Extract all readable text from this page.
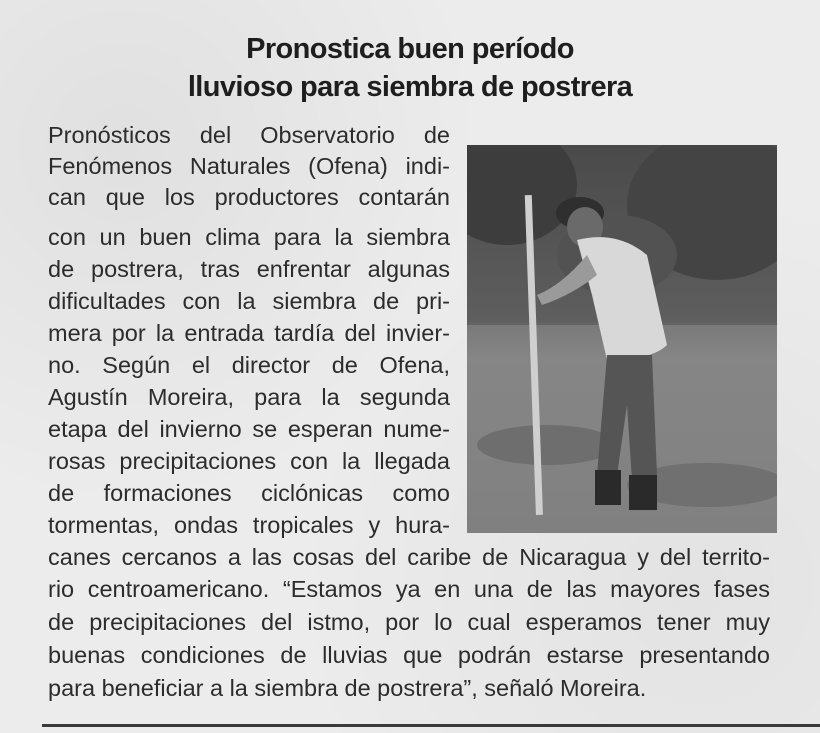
Pronostica buen período
lluvioso para siembra de postrera
Pronósticos del Observatorio de
Fenómenos Naturales (Ofena) indi-
can que los productores contarán
con un buen clima para la siembra
de postrera, tras enfrentar algunas
dificultades con la siembra de pri-
mera por la entrada tardía del invier-
no. Según el director de Ofena,
Agustín Moreira, para la segunda
etapa del invierno se esperan nume-
rosas precipitaciones con la llegada
de formaciones ciclónicas como
tormentas, ondas tropicales y hura-
canes cercanos a las cosas del caribe de Nicaragua y del territo-
rio centroamericano. “Estamos ya en una de las mayores fases
de precipitaciones del istmo, por lo cual esperamos tener muy
buenas condiciones de lluvias que podrán estarse presentando
para beneficiar a la siembra de postrera”, señaló Moreira.
